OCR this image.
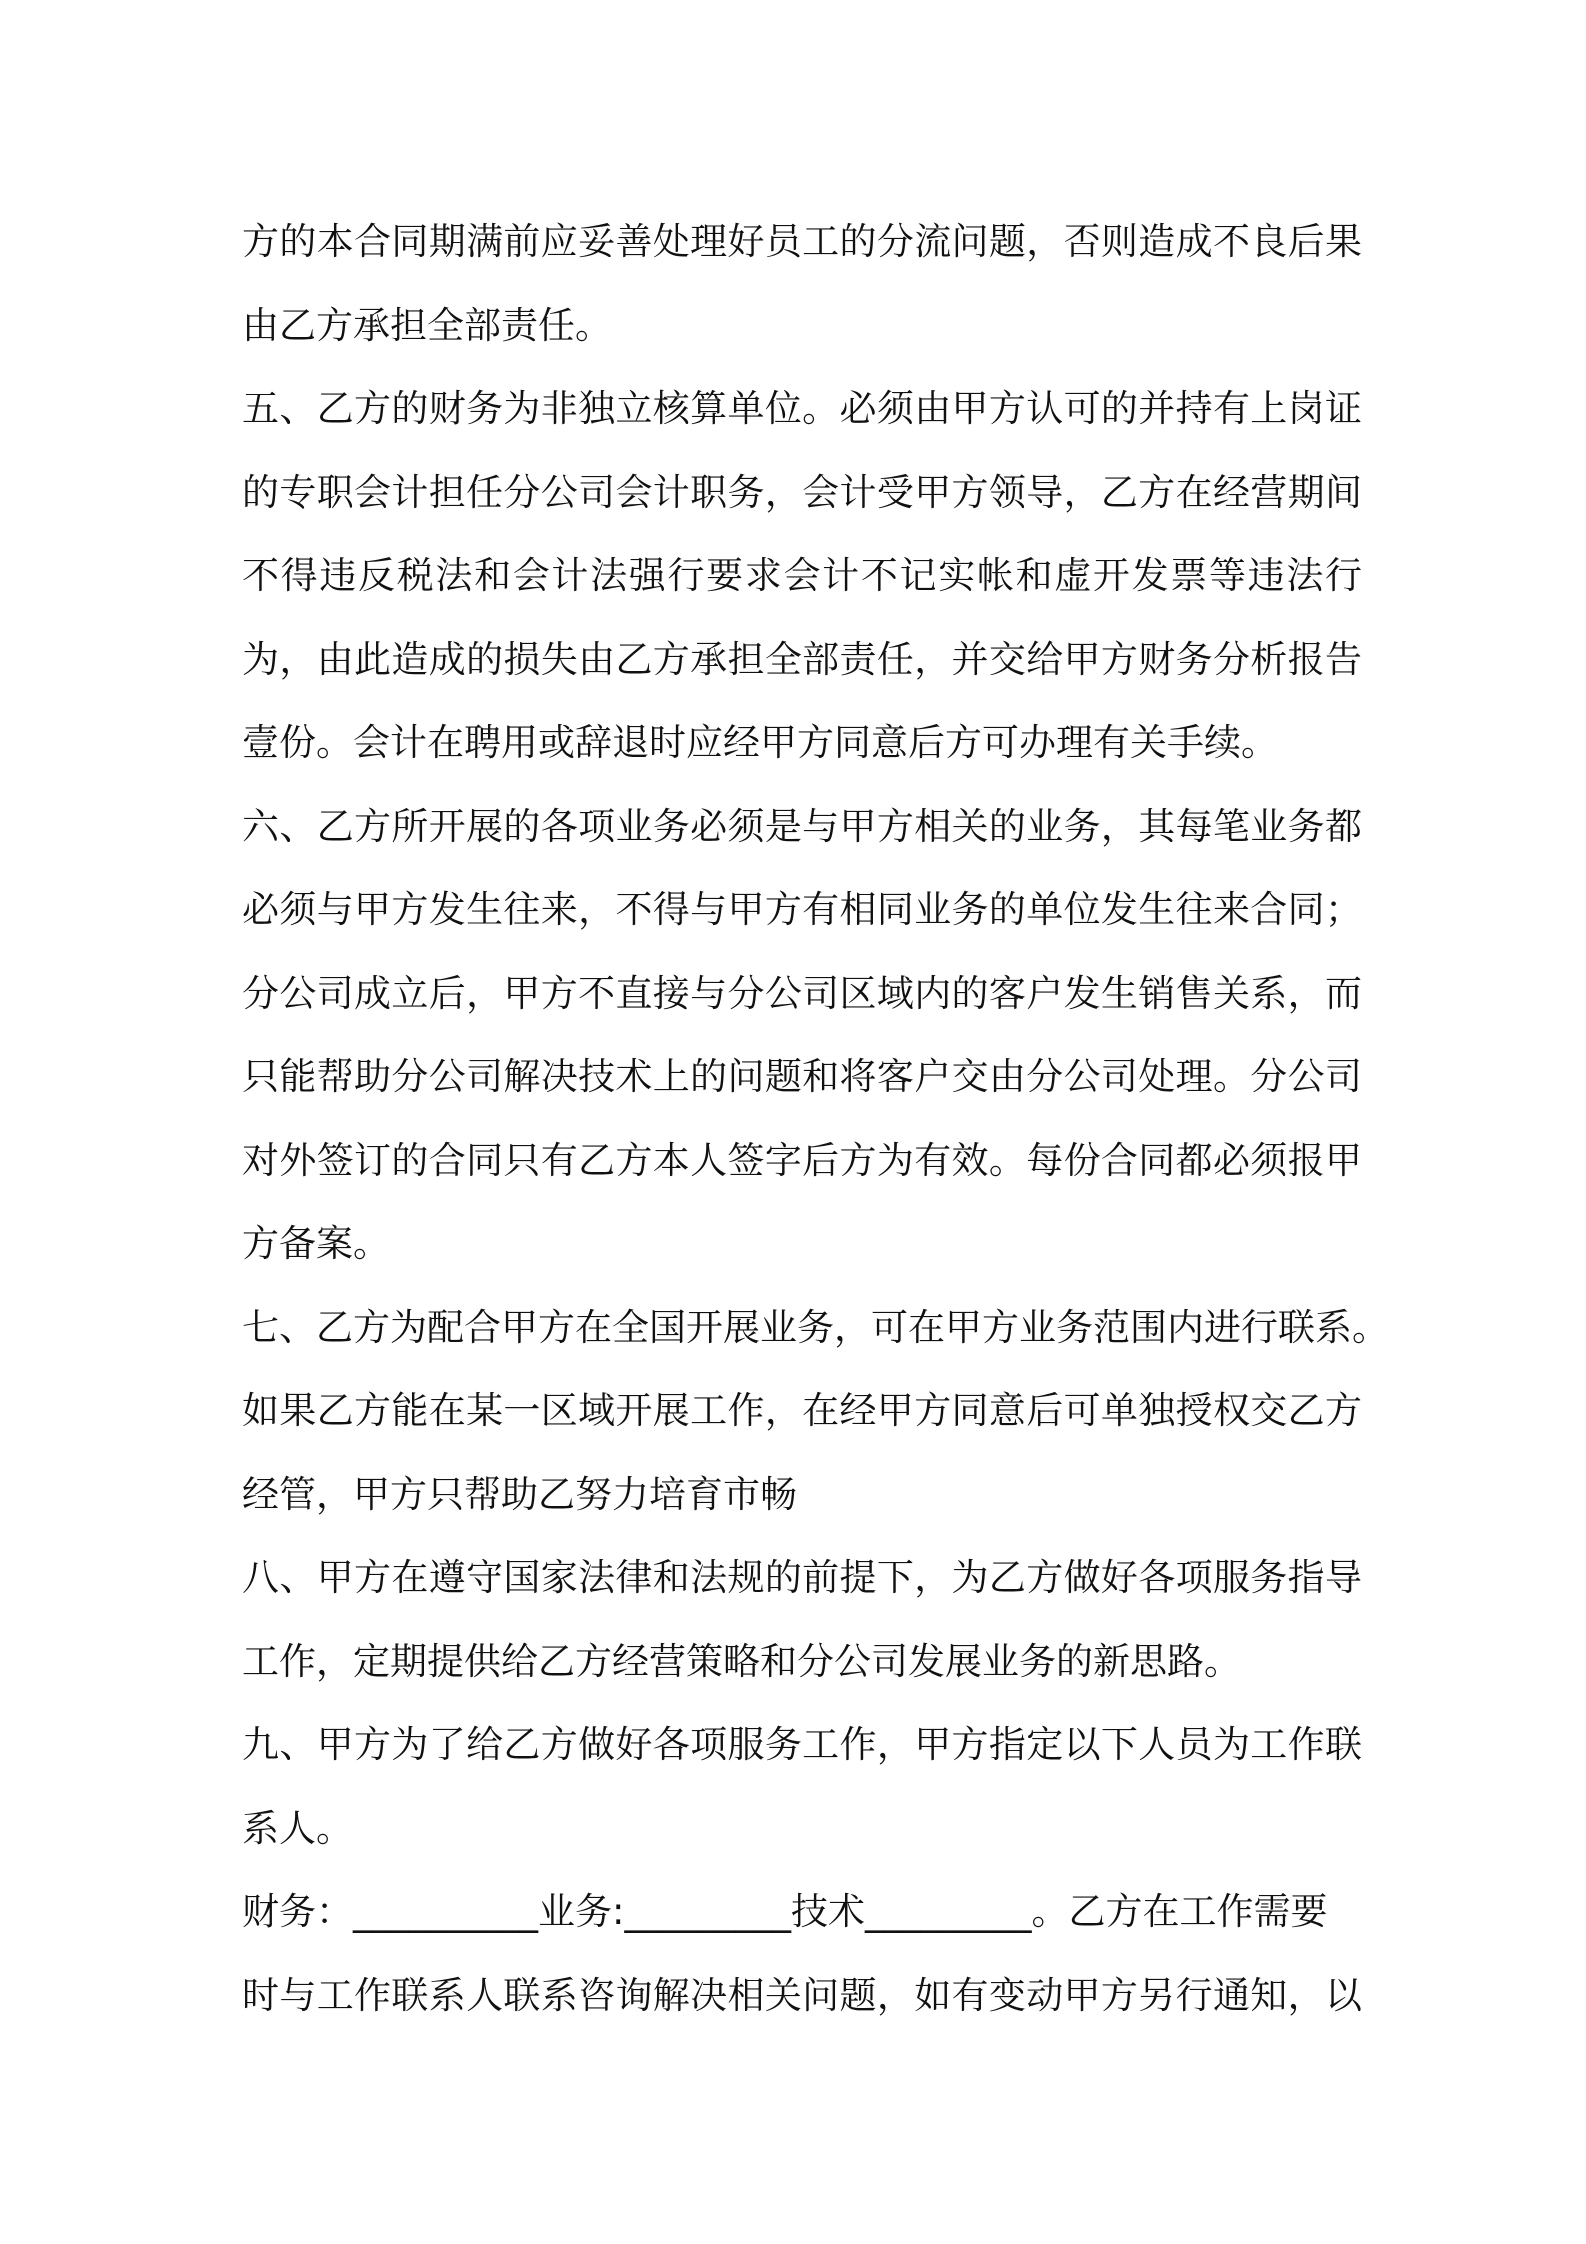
方的本合同期满前应妥善处理好员工的分流问题，否则造成不良后果
由乙方承担全部责任。
五、乙方的财务为非独立核算单位。必须由甲方认可的并持有上岗证
的专职会计担任分公司会计职务，会计受甲方领导，乙方在经营期间
不得违反税法和会计法强行要求会计不记实帐和虚开发票等违法行
为，由此造成的损失由乙方承担全部责任，并交给甲方财务分析报告
壹份。会计在聘用或辞退时应经甲方同意后方可办理有关手续。
六、乙方所开展的各项业务必须是与甲方相关的业务，其每笔业务都
必须与甲方发生往来，不得与甲方有相同业务的单位发生往来合同；
分公司成立后，甲方不直接与分公司区域内的客户发生销售关系，而
只能帮助分公司解决技术上的问题和将客户交由分公司处理。分公司
对外签订的合同只有乙方本人签字后方为有效。每份合同都必须报甲
方备案。
七、乙方为配合甲方在全国开展业务，可在甲方业务范围内进行联系。
如果乙方能在某一区域开展工作，在经甲方同意后可单独授权交乙方
经管，甲方只帮助乙努力培育市畅
八、甲方在遵守国家法律和法规的前提下，为乙方做好各项服务指导
工作，定期提供给乙方经营策略和分公司发展业务的新思路。
九、甲方为了给乙方做好各项服务工作，甲方指定以下人员为工作联
系人。
财务：__________业务:_________技术_________。乙方在工作需要
时与工作联系人联系咨询解决相关问题，如有变动甲方另行通知，以
